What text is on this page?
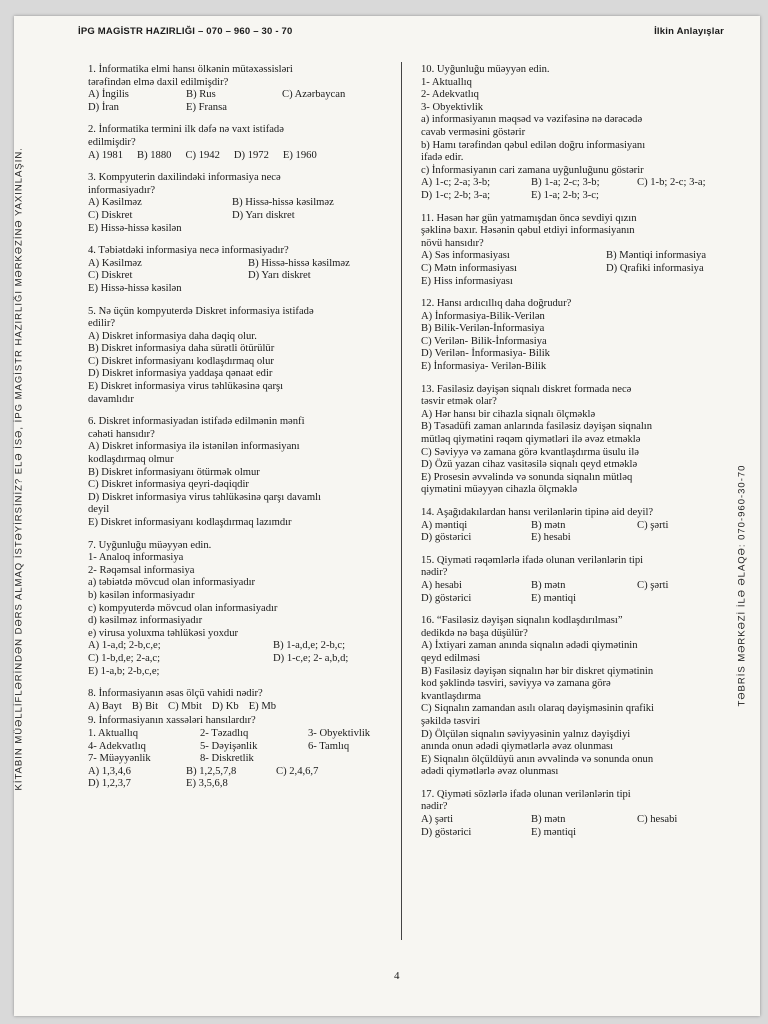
İPG MAGİSTR HAZIRLIĞI – 070 – 960 – 30 - 70	İlkin Anlayışlar
KİTABIN MÜƏLLİFLƏRİNDƏN DƏRS ALMAQ İSTƏYİRSİNİZ? ELƏ İSƏ, İPG MAGİSTR HAZIRLIĞI MƏRKƏZİNƏ YAXINLAŞIN.	TƏBRİS MƏRKƏZİ İLƏ ƏLAQƏ: 070-960-30-70

1. İnformatika elmi hansı ölkənin mütəxəssisləri

tərəfindən elmə daxil edilmişdir?

A) İngilis	B) Rus	C) Azərbaycan
D) İran	E) Fransa

2. İnformatika termini ilk dəfə nə vaxt istifadə

edilmişdir?

A) 1981 B) 1880 C) 1942 D) 1972 E) 1960

3. Kompyuterin daxilindəki informasiya necə

informasiyadır?

A) Kəsilməz	B) Hissə-hissə kəsilməz
C) Diskret	D) Yarı diskret

E) Hissə-hissə kəsilən

4. Təbiətdəki informasiya necə informasiyadır?

A) Kəsilməz	B) Hissə-hissə kəsilməz
C) Diskret	D) Yarı diskret

E) Hissə-hissə kəsilən

5. Nə üçün kompyuterdə Diskret informasiya istifadə

edilir?

A) Diskret informasiya daha dəqiq olur.

B) Diskret informasiya daha sürətli ötürülür

C) Diskret informasiyanı kodlaşdırmaq olur

D) Diskret informasiya yaddaşa qənaət edir

E) Diskret informasiya virus təhlükəsinə qarşı

davamlıdır

6. Diskret informasiyadan istifadə edilmənin mənfi

cəhəti hansıdır?

A) Diskret informasiya ilə istənilən informasiyanı

kodlaşdırmaq olmur

B) Diskret informasiyanı ötürmək olmur

C) Diskret informasiya qeyri-dəqiqdir

D) Diskret informasiya virus təhlükəsinə qarşı davamlı

deyil

E) Diskret informasiyanı kodlaşdırmaq lazımdır

7. Uyğunluğu müəyyən edin.

1- Analoq informasiya

2- Rəqəmsal informasiya

a) təbiətdə mövcud olan informasiyadır

b) kəsilən informasiyadır

c) kompyuterdə mövcud olan informasiyadır

d) kəsilməz informasiyadır

e) virusa yoluxma təhlükəsi yoxdur

A) 1-a,d; 2-b,c,e;	B) 1-a,d,e; 2-b,c;
C) 1-b,d,e; 2-a,c;	D) 1-c,e; 2- a,b,d;

E) 1-a,b; 2-b,c,e;

8. İnformasiyanın əsas ölçü vahidi nədir?

A) Bayt B) Bit C) Mbit D) Kb E) Mb

9. İnformasiyanın xassələri hansılardır?

1. Aktuallıq	2- Təzadlıq	3- Obyektivlik
4- Adekvatlıq	5- Dəyişənlik	6- Tamlıq
7- Müəyyənlik	8- Diskretlik
A) 1,3,4,6	B) 1,2,5,7,8	C) 2,4,6,7
D) 1,2,3,7	E) 3,5,6,8

10. Uyğunluğu müəyyən edin.

1- Aktuallıq

2- Adekvatlıq

3- Obyektivlik

a) informasiyanın məqsəd və vəzifəsinə nə dərəcədə

cavab verməsini göstərir

b) Hamı tərəfindən qəbul edilən doğru informasiyanı

ifadə edir.

c) İnformasiyanın cari zamana uyğunluğunu göstərir

A) 1-c; 2-a; 3-b;	B) 1-a; 2-c; 3-b;	C) 1-b; 2-c; 3-a;
D) 1-c; 2-b; 3-a;	E) 1-a; 2-b; 3-c;

11. Həsən hər gün yatmamışdan öncə sevdiyi qızın

şəklinə baxır. Həsənin qəbul etdiyi informasiyanın

növü hansıdır?

A) Səs informasiyası	B) Məntiqi informasiya
C) Mətn informasiyası	D) Qrafiki informasiya

E) Hiss informasiyası

12. Hansı ardıcıllıq daha doğrudur?

A) İnformasiya-Bilik-Verilən

B) Bilik-Verilən-İnformasiya

C) Verilən- Bilik-İnformasiya

D) Verilən- İnformasiya- Bilik

E) İnformasiya- Verilən-Bilik

13. Fasiləsiz dəyişən siqnalı diskret formada necə

təsvir etmək olar?

A) Hər hansı bir cihazla siqnalı ölçməklə

B) Təsadüfi zaman anlarında fasiləsiz dəyişən siqnalın

mütləq qiymətini rəqəm qiymətləri ilə əvəz etməklə

C) Səviyyə və zamana görə kvantlaşdırma üsulu ilə

D) Özü yazan cihaz vasitəsilə siqnalı qeyd etməklə

E) Prosesin əvvəlində və sonunda siqnalın mütləq

qiymətini müəyyən cihazla ölçməklə

14. Aşağıdakılardan hansı verilənlərin tipinə aid deyil?

A) məntiqi	B) mətn	C) şərti
D) göstərici	E) hesabi

15. Qiyməti rəqəmlərlə ifadə olunan verilənlərin tipi

nədir?

A) hesabi	B) mətn	C) şərti
D) göstərici	E) məntiqi

16. “Fasiləsiz dəyişən siqnalın kodlaşdırılması”

dedikdə nə başa düşülür?

A) İxtiyari zaman anında siqnalın ədədi qiymətinin

qeyd edilməsi

B) Fasiləsiz dəyişən siqnalın hər bir diskret qiymətinin

kod şəklində təsviri, səviyyə və zamana görə

kvantlaşdırma

C) Siqnalın zamandan asılı olaraq dəyişməsinin qrafiki

şəkildə təsviri

D) Ölçülən siqnalın səviyyəsinin yalnız dəyişdiyi

anında onun ədədi qiymətlərlə əvəz olunması

E) Siqnalın ölçüldüyü anın əvvəlində və sonunda onun

ədədi qiymətlərlə əvəz olunması

17. Qiyməti sözlərlə ifadə olunan verilənlərin tipi

nədir?

A) şərti	B) mətn	C) hesabi
D) göstərici	E) məntiqi
4
